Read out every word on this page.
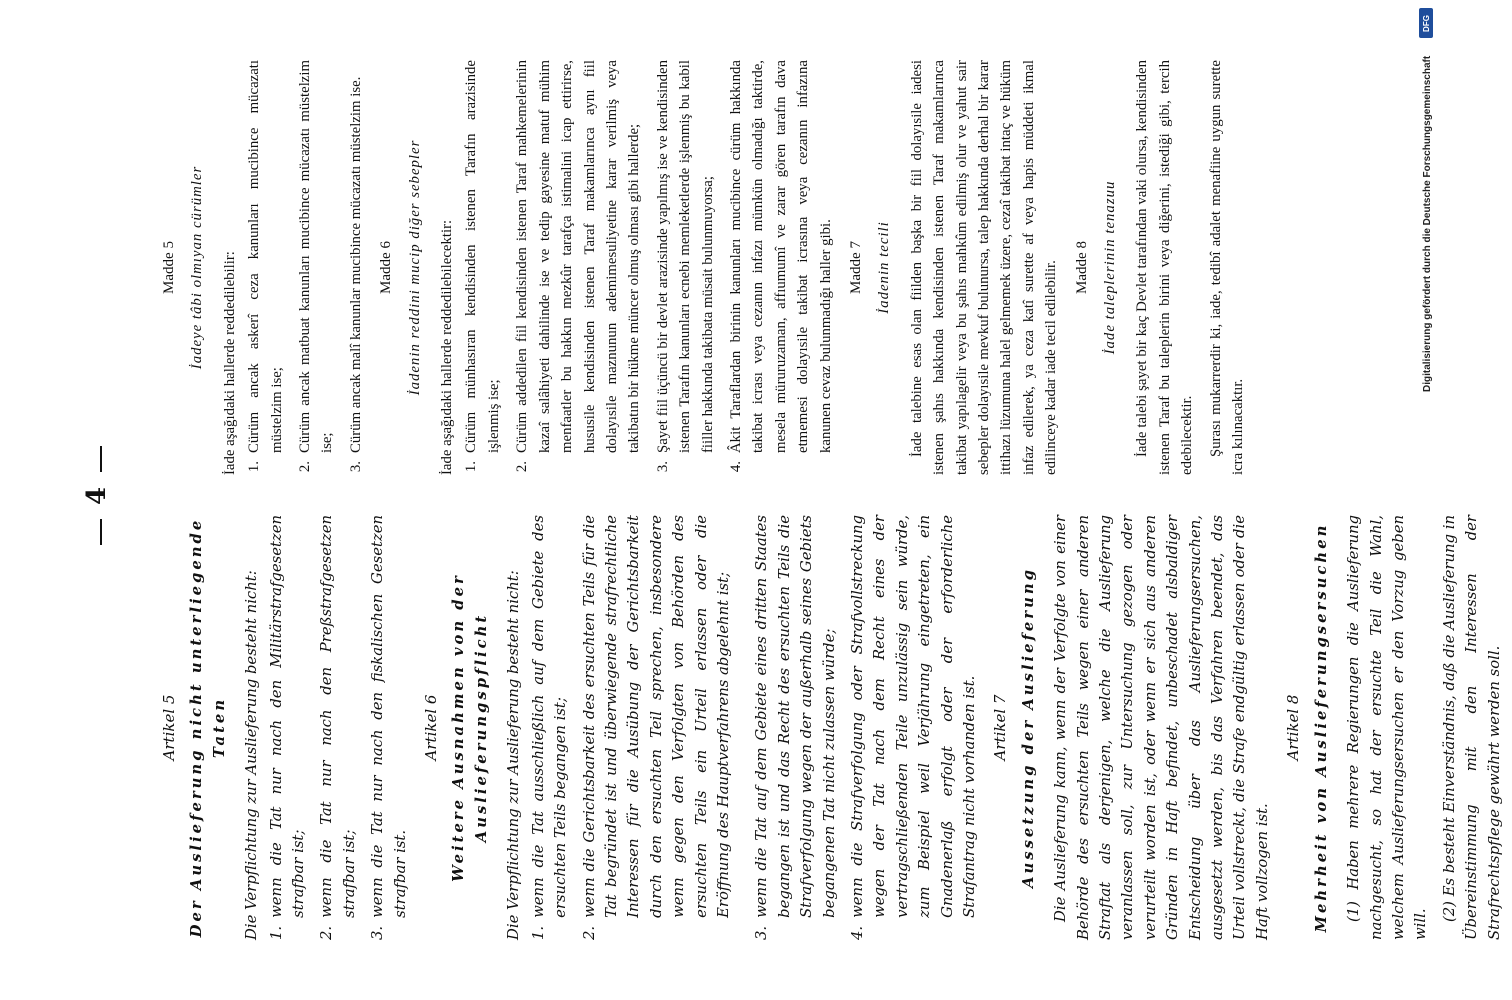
4
Artikel 5 Der Auslieferung nicht unterliegende Taten Die Verpflichtung zur Auslieferung besteht nicht: 1.
wenn die Tat nur nach den Militärstrafgesetzen strafbar ist;
2.
wenn die Tat nur nach den Preßstrafgesetzen strafbar ist;
3.
wenn die Tat nur nach den fiskalischen Gesetzen strafbar ist.
Artikel 6 Weitere Ausnahmen von der Auslieferungspflicht Die Verpflichtung zur Auslieferung besteht nicht: 1.
wenn die Tat ausschließlich auf dem Gebiete des ersuchten Teils begangen ist;
2.
wenn die Gerichtsbarkeit des ersuchten Teils für die Tat begründet ist und überwiegende strafrechtliche Interessen für die Ausübung der Gerichtsbarkeit durch den ersuchten Teil sprechen, insbesondere wenn gegen den Verfolgten von Behörden des ersuchten Teils ein Urteil erlassen oder die Eröffnung des Hauptverfahrens abgelehnt ist;
3.
wenn die Tat auf dem Gebiete eines dritten Staates begangen ist und das Recht des ersuchten Teils die Strafverfolgung wegen der außerhalb seines Gebiets begangenen Tat nicht zulassen würde;
4.
wenn die Strafverfolgung oder Strafvollstreckung wegen der Tat nach dem Recht eines der vertragschließenden Teile unzulässig sein würde, zum Beispiel weil Verjährung eingetreten, ein Gnadenerlaß erfolgt oder der erforderliche Strafantrag nicht vorhanden ist. Artikel 7 Aussetzung der Auslieferung Die Auslieferung kann, wenn der Verfolgte von einer Behörde des ersuchten Teils wegen einer anderen Straftat als derjenigen, welche die Auslieferung veranlassen soll, zur Untersuchung gezogen oder verurteilt worden ist, oder wenn er sich aus anderen Gründen in Haft befindet, unbeschadet alsbaldiger Entscheidung über das Auslieferungsersuchen, ausgesetzt werden, bis das Verfahren beendet, das Urteil vollstreckt, die Strafe endgültig erlassen oder die Haft vollzogen ist.
Artikel 8 Mehrheit von Auslieferungsersuchen (1) Haben mehrere Regierungen die Auslieferung nachgesucht, so hat der ersuchte Teil die Wahl, welchem Auslieferungsersuchen er den Vorzug geben will.
(2) Es besteht Einverständnis, daß die Auslieferung in Übereinstimmung mit den Interessen der Strafrechtspflege gewährt werden soll.
Madde 5 İadeye tâbi olmıyan cürümler İade aşağıdaki hallerde reddedilebilir: 1.
Cürüm ancak askerî ceza kanunları mucibince mücazatı müstelzim ise;
2.
Cürüm ancak matbuat kanunları mucibince mücazatı müstelzim ise;
3.
Cürüm ancak malî kanunlar mucibince mücazatı müstelzim ise. Madde 6 İadenin reddini mucip diğer sebepler İade aşağıdaki hallerde reddedilebilecektir: 1.
Cürüm münhasıran kendisinden istenen Tarafın arazisinde işlenmiş ise;
2.
Cürüm addedilen fiil kendisinden istenen Taraf mahkemelerinin kazaî salâhiyeti dahilinde ise ve tedip gayesine matuf mühim menfaatler bu hakkın mezkûr tarafça istimalini icap ettirirse, hususile kendisinden istenen Taraf makamlarınca aynı fiil dolayısile maznunun ademimesuliyetine karar verilmiş veya takibatın bir hükme müncer olmuş olması gibi hallerde;
3.
Şayet fiil üçüncü bir devlet arazisinde yapılmış ise ve kendisinden istenen Tarafın kanunları ecnebi memleketlerde işlenmiş bu kabil fiiller hakkında takibata müsait bulunmuyorsa;
4.
Âkit Taraflardan birinin kanunları mucibince cürüm hakkında takibat icrası veya cezanın infazı mümkün olmadığı taktirde, mesela müruruzaman, affıumumî ve zarar gören tarafın dava etmemesi dolayısile takibat icrasına veya cezanın infazına kanunen cevaz bulunmadığı haller gibi. Madde 7 İadenin tecili İade talebine esas olan fiilden başka bir fiil dolayısile iadesi istenen şahıs hakkında kendisinden istenen Taraf makamlarınca takibat yapılagelir veya bu şahıs mahkûm edilmiş olur ve yahut sair sebepler dolayısile mevkuf bulunursa, talep hakkında derhal bir karar ittihazı lüzumuna halel gelmemek üzere, cezaî takibat intaç ve hüküm infaz edilerek, ya ceza katî surette af veya hapis müddeti ikmal edilinceye kadar iade tecil edilebilir. Madde 8 İade taleplerinin tenazuu İade talebi şayet bir kaç Devlet tarafından vaki olursa, kendisinden istenen Taraf bu taleplerin birini veya diğerini, istediği gibi, tercih edebilecektir. Şurası mukarrerdir ki, iade, tedibî adalet menafiine uygun surette icra kılınacaktır.
DFG
Digitalisierung gefördert durch die Deutsche Forschungsgemeinschaft
